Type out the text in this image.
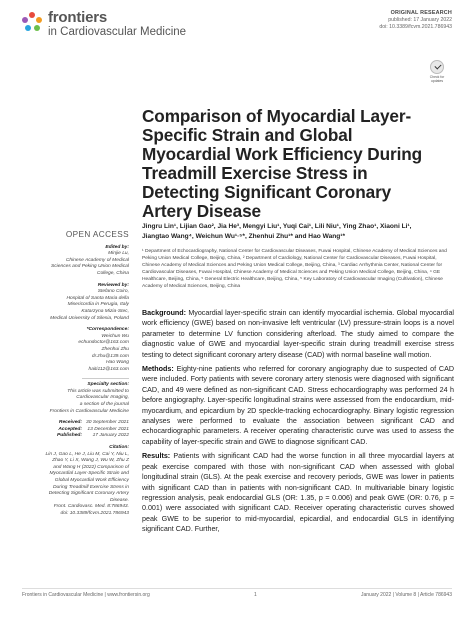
frontiers
in Cardiovascular Medicine
ORIGINAL RESEARCH
published: 17 January 2022
doi: 10.3389/fcvm.2021.786943
Check for updates
Comparison of Myocardial Layer-Specific Strain and Global Myocardial Work Efficiency During Treadmill Exercise Stress in Detecting Significant Coronary Artery Disease
Jingru Lin¹, Lijian Gao², Jia He³, Mengyi Liu¹, Yuqi Cai¹, Lili Niu¹, Ying Zhao¹, Xiaoni Li¹,
Jiangtao Wang⁴, Weichun Wu¹·⁵*, Zhenhui Zhu¹* and Hao Wang¹*
¹ Department of Echocardiography, National Center for Cardiovascular Diseases, Fuwai Hospital, Chinese Academy of Medical Sciences and Peking Union Medical College, Beijing, China, ² Department of Cardiology, National Center for Cardiovascular Diseases, Fuwai Hospital, Chinese Academy of Medical Sciences and Peking Union Medical College, Beijing, China, ³ Cardiac Arrhythmia Center, National Center for Cardiovascular Diseases, Fuwai Hospital, Chinese Academy of Medical Sciences and Peking Union Medical College, Beijing, China, ⁴ GE Healthcare, Beijing, China, ⁵ General Electric Healthcare, Beijing, China, ⁵ Key Laboratory of Cardiovascular Imaging (Cultivation), Chinese Academy of Medical Sciences, Beijing, China
OPEN ACCESS
Edited by:
Minjie Lu,
Chinese Academy of Medical
Sciences and Peking Union Medical
College, China
Reviewed by:
Stefano Coiro,
Hospital of Santa Maria della
Misericordia in Perugia, Italy
Katarzyna Mizia-Stec,
Medical University of Silesia, Poland
*Correspondence:
Weichun Wu
echundoctor@163.com
Zhenhui Zhu
dr.zhu@139.com
Hao Wang
haiti112@163.com
Specialty section:
This article was submitted to
Cardiovascular Imaging,
a section of the journal
Frontiers in Cardiovascular Medicine
Received: 30 September 2021
Accepted: 13 December 2021
Published:	17 January 2022
Citation:
Lin J, Gao L, He J, Liu M, Cai Y, Niu L,
Zhao Y, Li X, Wang J, Wu W, Zhu Z
and Wang H (2022) Comparison of
Myocardial Layer-Specific Strain and
Global Myocardial Work Efficiency
During Treadmill Exercise Stress in
Detecting Significant Coronary Artery
Disease.
Front. Cardiovasc. Med. 8:786943.
doi: 10.3389/fcvm.2021.786943

Background: Myocardial layer-specific strain can identify myocardial ischemia. Global myocardial work efficiency (GWE) based on non-invasive left ventricular (LV) pressure-strain loops is a novel parameter to determine LV function considering afterload. The study aimed to compare the diagnostic value of GWE and myocardial layer-specific strain during treadmill exercise stress testing to detect significant coronary artery disease (CAD) with normal baseline wall motion.

Methods: Eighty-nine patients who referred for coronary angiography due to suspected of CAD were included. Forty patients with severe coronary artery stenosis were diagnosed with significant CAD, and 49 were defined as non-significant CAD. Stress echocardiography was performed 24 h before angiography. Layer-specific longitudinal strains were assessed from the endocardium, mid-myocardium, and epicardium by 2D speckle-tracking echocardiography. Binary logistic regression analyses were performed to evaluate the association between significant CAD and echocardiographic parameters. A receiver operating characteristic curve was used to assess the capability of layer-specific strain and GWE to diagnose significant CAD.

Results: Patients with significant CAD had the worse function in all three myocardial layers at peak exercise compared with those with non-significant CAD when assessed with global longitudinal strain (GLS). At the peak exercise and recovery periods, GWE was lower in patients with significant CAD than in patients with non-significant CAD. In multivariable binary logistic regression analysis, peak endocardial GLS (OR: 1.35, p = 0.006) and peak GWE (OR: 0.76, p = 0.001) were associated with significant CAD. Receiver operating characteristic curves showed peak GWE to be superior to mid-myocardial, epicardial, and endocardial GLS in identifying significant CAD. Further,

Frontiers in Cardiovascular Medicine | www.frontiersin.org	1	January 2022 | Volume 8 | Article 786943
